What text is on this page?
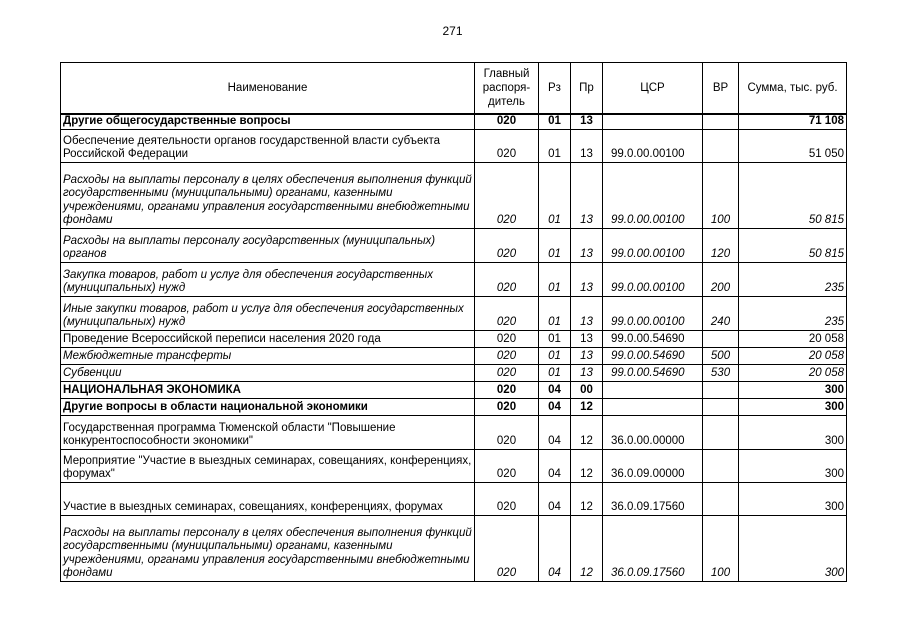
271
Наименование	Главный распоря- дитель	Рз	Пр	ЦСР	ВР	Сумма, тыс. руб.
Другие общегосударственные вопросы	020	01	13			71 108
Обеспечение деятельности органов государственной власти субъекта Российской Федерации	020	01	13	99.0.00.00100		51 050
Расходы на выплаты персоналу в целях обеспечения выполнения функций государственными (муниципальными) органами, казенными учреждениями, органами управления государственными внебюджетными фондами	020	01	13	99.0.00.00100	100	50 815
Расходы на выплаты персоналу государственных (муниципальных) органов	020	01	13	99.0.00.00100	120	50 815
Закупка товаров, работ и услуг для обеспечения государственных (муниципальных) нужд	020	01	13	99.0.00.00100	200	235
Иные закупки товаров, работ и услуг для обеспечения государственных (муниципальных) нужд	020	01	13	99.0.00.00100	240	235
Проведение Всероссийской переписи населения 2020 года	020	01	13	99.0.00.54690		20 058
Межбюджетные трансферты	020	01	13	99.0.00.54690	500	20 058
Субвенции	020	01	13	99.0.00.54690	530	20 058
НАЦИОНАЛЬНАЯ ЭКОНОМИКА	020	04	00			300
Другие вопросы в области национальной экономики	020	04	12			300
Государственная программа Тюменской области "Повышение конкурентоспособности экономики"	020	04	12	36.0.00.00000		300
Мероприятие "Участие в выездных семинарах, совещаниях, конференциях, форумах"	020	04	12	36.0.09.00000		300
Участие в выездных семинарах, совещаниях, конференциях, форумах	020	04	12	36.0.09.17560		300
Расходы на выплаты персоналу в целях обеспечения выполнения функций государственными (муниципальными) органами, казенными учреждениями, органами управления государственными внебюджетными фондами	020	04	12	36.0.09.17560	100	300
